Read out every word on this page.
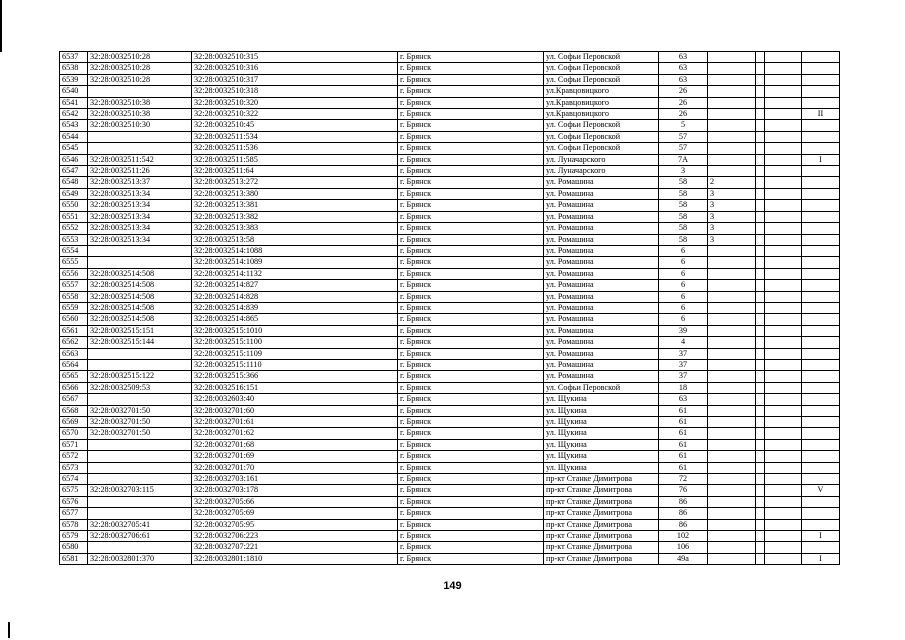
6537	32:28:0032510:28	32:28:0032510:315	г. Брянск	ул. Софьи Перовской	63				
6538	32:28:0032510:28	32:28:0032510:316	г. Брянск	ул. Софьи Перовской	63				
6539	32:28:0032510:28	32:28:0032510:317	г. Брянск	ул. Софьи Перовской	63				
6540		32:28:0032510:318	г. Брянск	ул.Кравцовицкого	26				
6541	32:28:0032510:38	32:28:0032510:320	г. Брянск	ул.Кравцовицкого	26				
6542	32:28:0032510:38	32:28:0032510:322	г. Брянск	ул.Кравцовицкого	26				II
6543	32:28:0032510:30	32:28:0032510:45	г. Брянск	ул. Софьи Перовской	5				
6544		32:28:0032511:534	г. Брянск	ул. Софьи Перовской	57				
6545		32:28:0032511:536	г. Брянск	ул. Софьи Перовской	57				
6546	32:28:0032511:542	32:28:0032511:585	г. Брянск	ул. Луначарского	7А				I
6547	32:28:0032511:26	32:28:0032511:64	г. Брянск	ул. Луначарского	3				
6548	32:28:0032513:37	32:28:0032513:272	г. Брянск	ул. Ромашина	58	2			
6549	32:28:0032513:34	32:28:0032513:380	г. Брянск	ул. Ромашина	58	3			
6550	32:28:0032513:34	32:28:0032513:381	г. Брянск	ул. Ромашина	58	3			
6551	32:28:0032513:34	32:28:0032513:382	г. Брянск	ул. Ромашина	58	3			
6552	32:28:0032513:34	32:28:0032513:383	г. Брянск	ул. Ромашина	58	3			
6553	32:28:0032513:34	32:28:0032513:58	г. Брянск	ул. Ромашина	58	3			
6554		32:28:0032514:1088	г. Брянск	ул. Ромашина	6				
6555		32:28:0032514:1089	г. Брянск	ул. Ромашина	6				
6556	32:28:0032514:508	32:28:0032514:1132	г. Брянск	ул. Ромашина	6				
6557	32:28:0032514:508	32:28:0032514:827	г. Брянск	ул. Ромашина	6				
6558	32:28:0032514:508	32:28:0032514:828	г. Брянск	ул. Ромашина	6				
6559	32:28:0032514:508	32:28:0032514:839	г. Брянск	ул. Ромашина	6				
6560	32:28:0032514:508	32:28:0032514:865	г. Брянск	ул. Ромашина	6				
6561	32:28:0032515:151	32:28:0032515:1010	г. Брянск	ул. Ромашина	39				
6562	32:28:0032515:144	32:28:0032515:1100	г. Брянск	ул. Ромашина	4				
6563		32:28:0032515:1109	г. Брянск	ул. Ромашина	37				
6564		32:28:0032515:1110	г. Брянск	ул. Ромашина	37				
6565	32:28:0032515:122	32:28:0032515:366	г. Брянск	ул. Ромашина	37				
6566	32:28:0032509:53	32:28:0032516:151	г. Брянск	ул. Софьи Перовской	18				
6567		32:28:0032603:40	г. Брянск	ул. Щукина	63				
6568	32:28:0032701:50	32:28:0032701:60	г. Брянск	ул. Щукина	61				
6569	32:28:0032701:50	32:28:0032701:61	г. Брянск	ул. Щукина	61				
6570	32:28:0032701:50	32:28:0032701:62	г. Брянск	ул. Щукина	61				
6571		32:28:0032701:68	г. Брянск	ул. Щукина	61				
6572		32:28:0032701:69	г. Брянск	ул. Щукина	61				
6573		32:28:0032701:70	г. Брянск	ул. Щукина	61				
6574		32:28:0032703:161	г. Брянск	пр-кт Станке Димитрова	72				
6575	32:28:0032703:115	32:28:0032703:178	г. Брянск	пр-кт Станке Димитрова	76				V
6576		32:28:0032705:66	г. Брянск	пр-кт Станке Димитрова	86				
6577		32:28:0032705:69	г. Брянск	пр-кт Станке Димитрова	86				
6578	32:28:0032705:41	32:28:0032705:95	г. Брянск	пр-кт Станке Димитрова	86				
6579	32:28:0032706:61	32:28:0032706:223	г. Брянск	пр-кт Станке Димитрова	102				I
6580		32:28:0032707:221	г. Брянск	пр-кт Станке Димитрова	106				
6581	32:28:0032801:370	32:28:0032801:1810	г. Брянск	пр-кт Станке Димитрова	49а				I
149
